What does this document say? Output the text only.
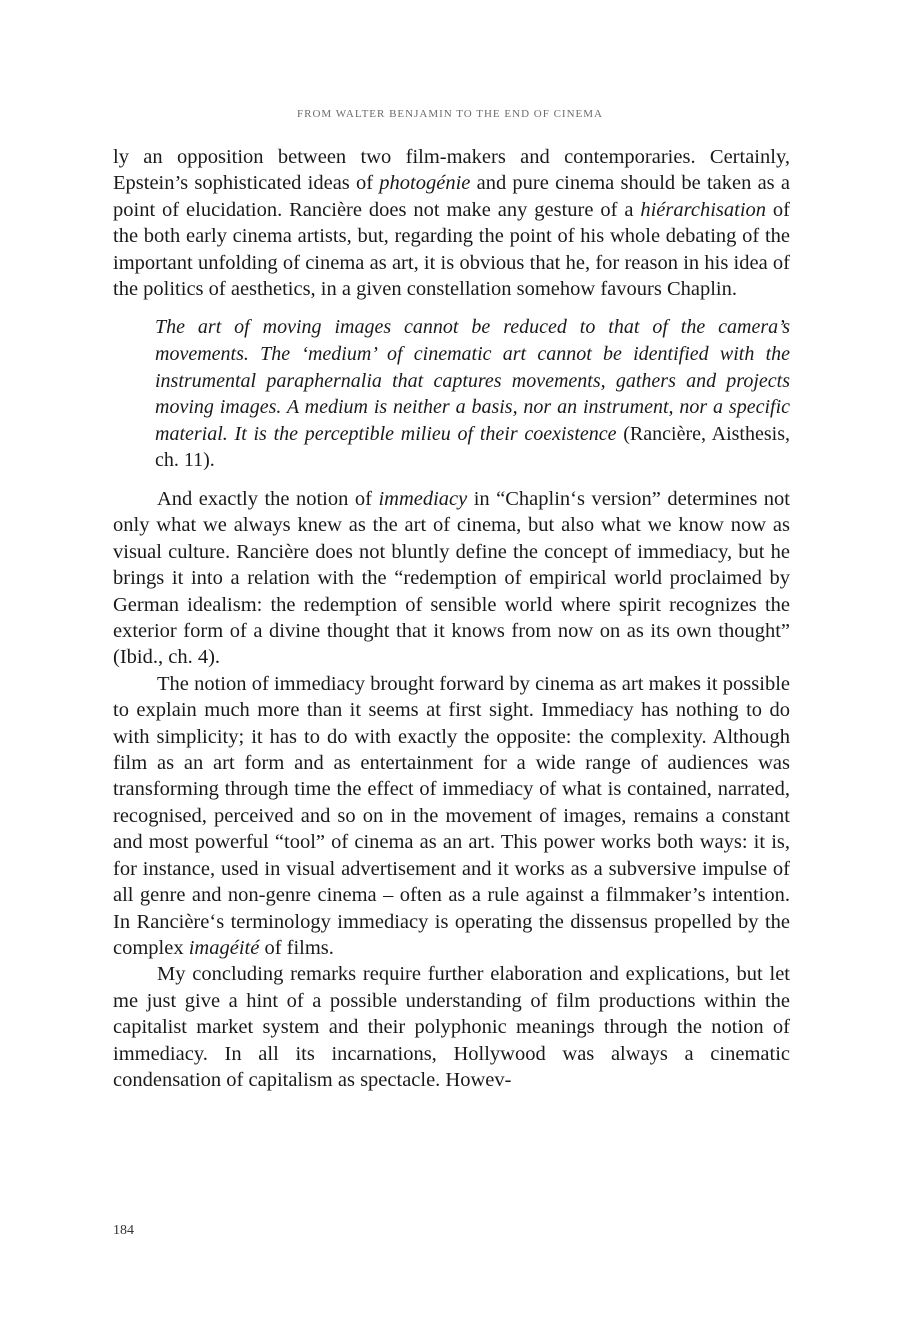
FROM WALTER BENJAMIN TO THE END OF CINEMA

ly an opposition between two film-makers and contemporaries. Certainly, Epstein’s sophisticated ideas of photogénie and pure cinema should be taken as a point of elucidation. Rancière does not make any gesture of a hiérarchisation of the both early cinema artists, but, regarding the point of his whole debating of the important unfolding of cinema as art, it is obvious that he, for reason in his idea of the politics of aesthetics, in a given constellation somehow favours Chaplin.

The art of moving images cannot be reduced to that of the camera’s movements. The ‘medium’ of cinematic art cannot be identified with the instrumental paraphernalia that captures movements, gathers and projects moving images. A medium is neither a basis, nor an instrument, nor a specific material. It is the perceptible milieu of their coexistence (Rancière, Aisthesis, ch. 11).

And exactly the notion of immediacy in “Chaplin‘s version” determines not only what we always knew as the art of cinema, but also what we know now as visual culture. Rancière does not bluntly define the concept of immediacy, but he brings it into a relation with the “redemption of empirical world proclaimed by German idealism: the redemption of sensible world where spirit recognizes the exterior form of a divine thought that it knows from now on as its own thought” (Ibid., ch. 4).

The notion of immediacy brought forward by cinema as art makes it possible to explain much more than it seems at first sight. Immediacy has nothing to do with simplicity; it has to do with exactly the opposite: the complexity. Although film as an art form and as entertainment for a wide range of audiences was transforming through time the effect of immediacy of what is contained, narrated, recognised, perceived and so on in the movement of images, remains a constant and most powerful “tool” of cinema as an art. This power works both ways: it is, for instance, used in visual advertisement and it works as a subversive impulse of all genre and non-genre cinema – often as a rule against a filmmaker’s intention. In Rancière‘s terminology immediacy is operating the dissensus propelled by the complex imagéité of films.

My concluding remarks require further elaboration and explications, but let me just give a hint of a possible understanding of film productions within the capitalist market system and their polyphonic meanings through the notion of immediacy. In all its incarnations, Hollywood was always a cinematic condensation of capitalism as spectacle. Howev-

184
